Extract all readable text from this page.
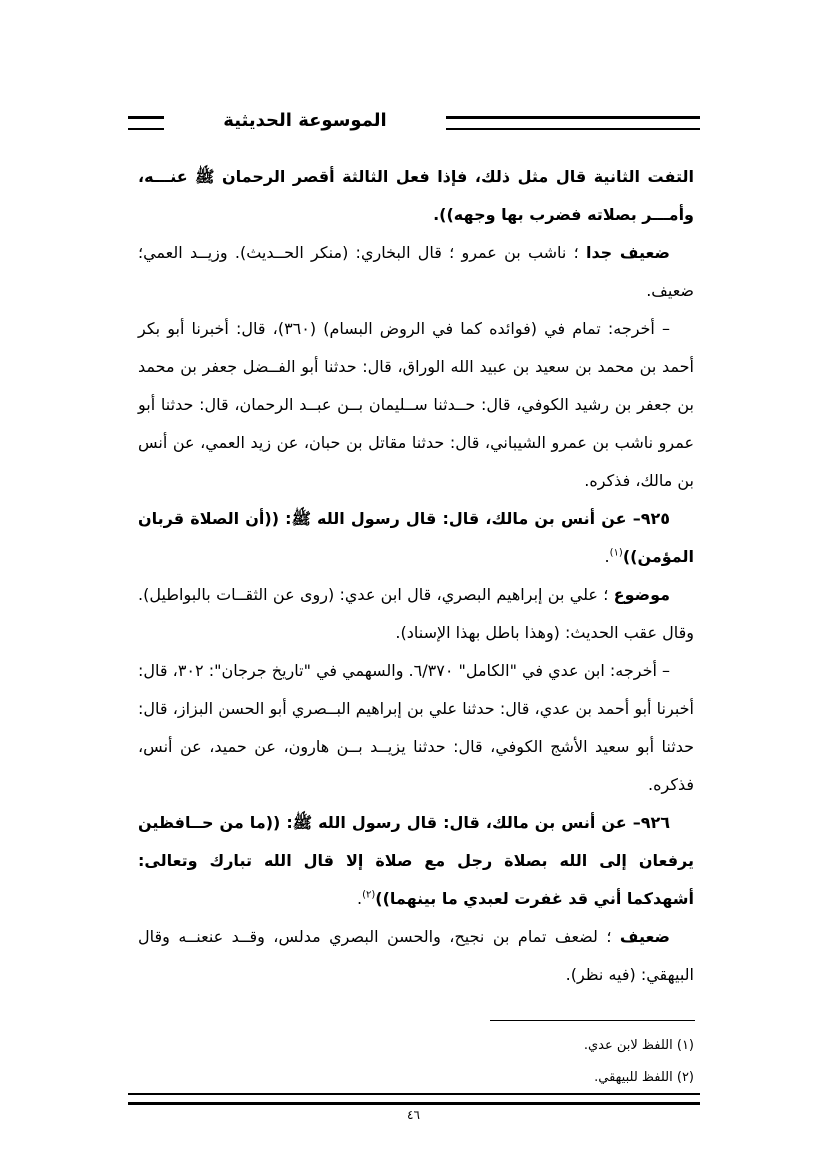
الموسوعة الحديثية

التفت الثانية قال مثل ذلك، فإذا فعل الثالثة أقصر الرحمان ﷺ عنـــه، وأمـــر بصلاته فضرب بها وجهه)).

ضعيف جدا ؛ ناشب بن عمرو ؛ قال البخاري: (منكر الحــديث). وزيــد العمي؛ ضعيف.

– أخرجه: تمام في (فوائده كما في الروض البسام) (٣٦٠)، قال: أخبرنا أبو بكر أحمد بن محمد بن سعيد بن عبيد الله الوراق، قال: حدثنا أبو الفــضل جعفر بن محمد بن جعفر بن رشيد الكوفي، قال: حــدثنا ســليمان بــن عبــد الرحمان، قال: حدثنا أبو عمرو ناشب بن عمرو الشيباني، قال: حدثنا مقاتل بن حبان، عن زيد العمي، عن أنس بن مالك، فذكره.

٩٢٥– عن أنس بن مالك، قال: قال رسول الله ﷺ: ((أن الصلاة قربان المؤمن))$^{(١)}$.

موضوع ؛ علي بن إبراهيم البصري، قال ابن عدي: (روى عن الثقــات بالبواطيل). وقال عقب الحديث: (وهذا باطل بهذا الإسناد).

– أخرجه: ابن عدي في "الكامل" ٦/٣٧٠. والسهمي في "تاريخ جرجان": ٣٠٢، قال: أخبرنا أبو أحمد بن عدي، قال: حدثنا علي بن إبراهيم البــصري أبو الحسن البزاز، قال: حدثنا أبو سعيد الأشج الكوفي، قال: حدثنا يزيــد بــن هارون، عن حميد، عن أنس، فذكره.

٩٢٦– عن أنس بن مالك، قال: قال رسول الله ﷺ: ((ما من حــافظين يرفعان إلى الله بصلاة رجل مع صلاة إلا قال الله تبارك وتعالى: أشهدكما أني قد غفرت لعبدي ما بينهما))$^{(٢)}$.

ضعيف ؛ لضعف تمام بن نجيح، والحسن البصري مدلس، وقــد عنعنــه وقال البيهقي: (فيه نظر).

(١) اللفظ لابن عدي.
(٢) اللفظ للبيهقي.
٤٦
